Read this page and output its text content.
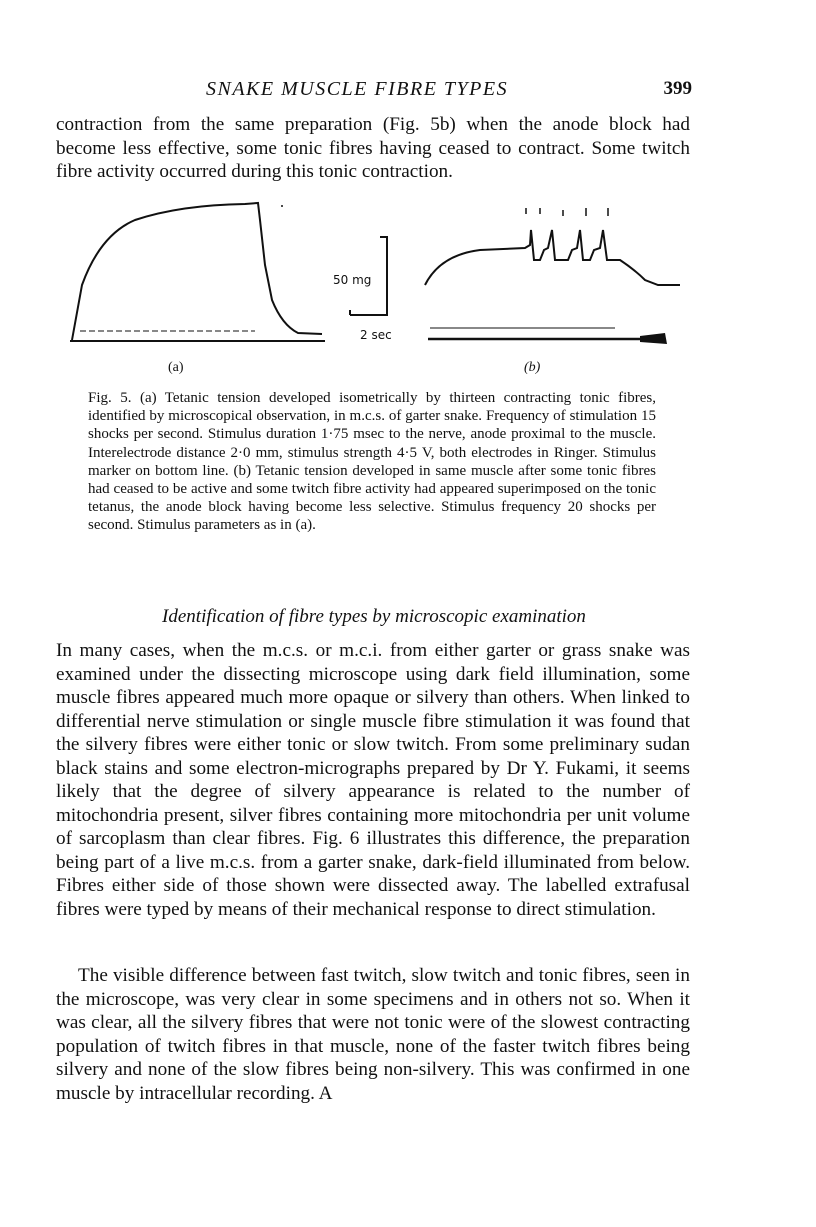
SNAKE MUSCLE FIBRE TYPES	399

contraction from the same preparation (Fig. 5b) when the anode block had become less effective, some tonic fibres having ceased to contract. Some twitch fibre activity occurred during this tonic contraction.

50 mg
2 sec
(a)	(b)

Fig. 5. (a) Tetanic tension developed isometrically by thirteen contracting tonic fibres, identified by microscopical observation, in m.c.s. of garter snake. Frequency of stimulation 15 shocks per second. Stimulus duration 1·75 msec to the nerve, anode proximal to the muscle. Interelectrode distance 2·0 mm, stimulus strength 4·5 V, both electrodes in Ringer. Stimulus marker on bottom line. (b) Tetanic tension developed in same muscle after some tonic fibres had ceased to be active and some twitch fibre activity had appeared superimposed on the tonic tetanus, the anode block having become less selective. Stimulus frequency 20 shocks per second. Stimulus parameters as in (a).

Identification of fibre types by microscopic examination

In many cases, when the m.c.s. or m.c.i. from either garter or grass snake was examined under the dissecting microscope using dark field illumination, some muscle fibres appeared much more opaque or silvery than others. When linked to differential nerve stimulation or single muscle fibre stimulation it was found that the silvery fibres were either tonic or slow twitch. From some preliminary sudan black stains and some electron-micrographs prepared by Dr Y. Fukami, it seems likely that the degree of silvery appearance is related to the number of mitochondria present, silver fibres containing more mitochondria per unit volume of sarcoplasm than clear fibres. Fig. 6 illustrates this difference, the preparation being part of a live m.c.s. from a garter snake, dark-field illuminated from below. Fibres either side of those shown were dissected away. The labelled extrafusal fibres were typed by means of their mechanical response to direct stimulation.

The visible difference between fast twitch, slow twitch and tonic fibres, seen in the microscope, was very clear in some specimens and in others not so. When it was clear, all the silvery fibres that were not tonic were of the slowest contracting population of twitch fibres in that muscle, none of the faster twitch fibres being silvery and none of the slow fibres being non-silvery. This was confirmed in one muscle by intracellular recording. A
